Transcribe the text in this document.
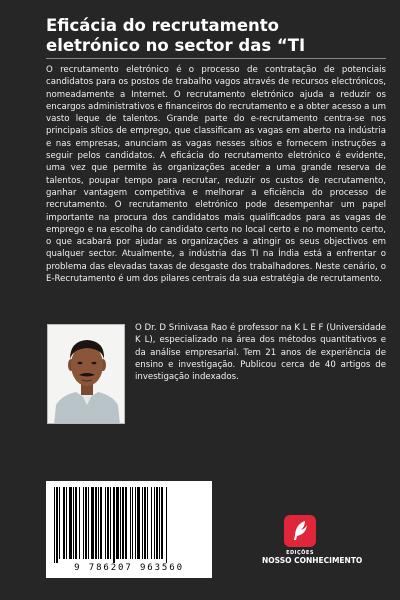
Eficácia do recrutamento
eletrónico no sector das “TI

O recrutamento eletrónico é o processo de contratação de potenciais candidatos para os postos de trabalho vagos através de recursos electrónicos, nomeadamente a Internet. O recrutamento eletrónico ajuda a reduzir os encargos administrativos e financeiros do recrutamento e a obter acesso a um vasto leque de talentos. Grande parte do e-recrutamento centra-se nos principais sítios de emprego, que classificam as vagas em aberto na indústria e nas empresas, anunciam as vagas nesses sítios e fornecem instruções a seguir pelos candidatos. A eficácia do recrutamento eletrónico é evidente, uma vez que permite às organizações aceder a uma grande reserva de talentos, poupar tempo para recrutar, reduzir os custos de recrutamento, ganhar vantagem competitiva e melhorar a eficiência do processo de recrutamento. O recrutamento eletrónico pode desempenhar um papel importante na procura dos candidatos mais qualificados para as vagas de emprego e na escolha do candidato certo no local certo e no momento certo, o que acabará por ajudar as organizações a atingir os seus objectivos em qualquer sector. Atualmente, a indústria das TI na Índia está a enfrentar o problema das elevadas taxas de desgaste dos trabalhadores. Neste cenário, o E-Recrutamento é um dos pilares centrais da sua estratégia de recrutamento.

O Dr. D Srinivasa Rao é professor na K L E F (Universidade K L), especializado na área dos métodos quantitativos e da análise empresarial. Tem 21 anos de experiência de ensino e investigação. Publicou cerca de 40 artigos de investigação indexados.

9 786207 963560
EDIÇÕES
NOSSO CONHECIMENTO
